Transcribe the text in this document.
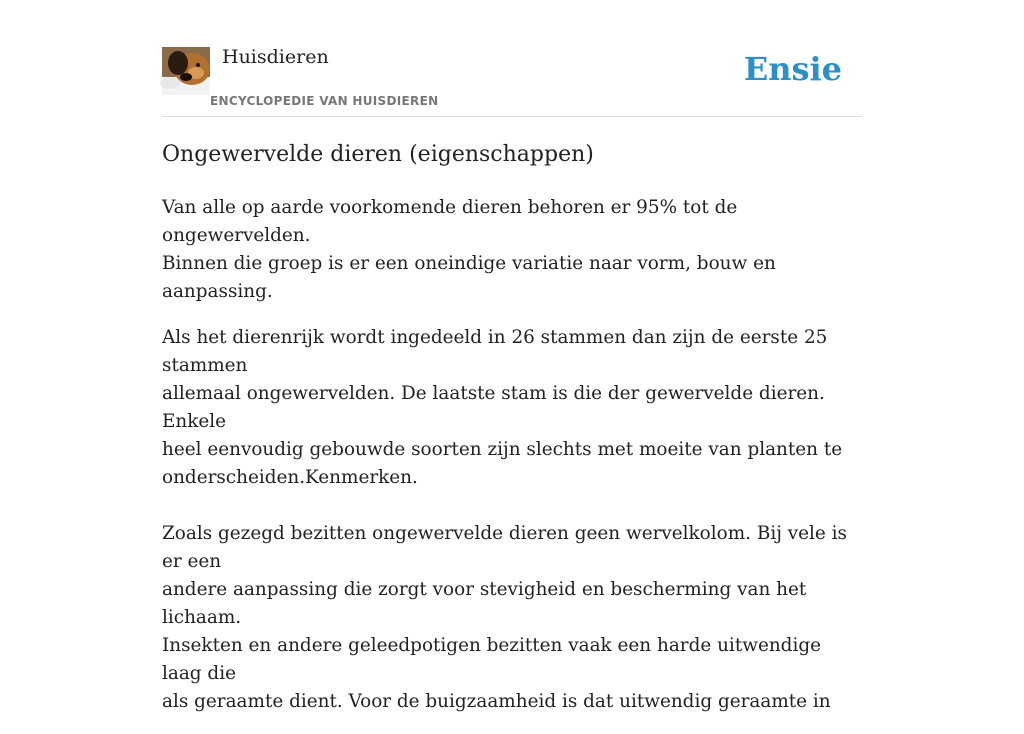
Huisdieren
ENCYCLOPEDIE VAN HUISDIEREN
Ensie
Ongewervelde dieren (eigenschappen)

Van alle op aarde voorkomende dieren behoren er 95% tot de ongewervelden.
Binnen die groep is er een oneindige variatie naar vorm, bouw en aanpassing.

Als het dierenrijk wordt ingedeeld in 26 stammen dan zijn de eerste 25 stammen
allemaal ongewervelden. De laatste stam is die der gewervelde dieren. Enkele
heel eenvoudig gebouwde soorten zijn slechts met moeite van planten te
onderscheiden.Kenmerken.

Zoals gezegd bezitten ongewervelde dieren geen wervelkolom. Bij vele is er een
andere aanpassing die zorgt voor stevigheid en bescherming van het lichaam.
Insekten en andere geleedpotigen bezitten vaak een harde uitwendige laag die
als geraamte dient. Voor de buigzaamheid is dat uitwendig geraamte in
